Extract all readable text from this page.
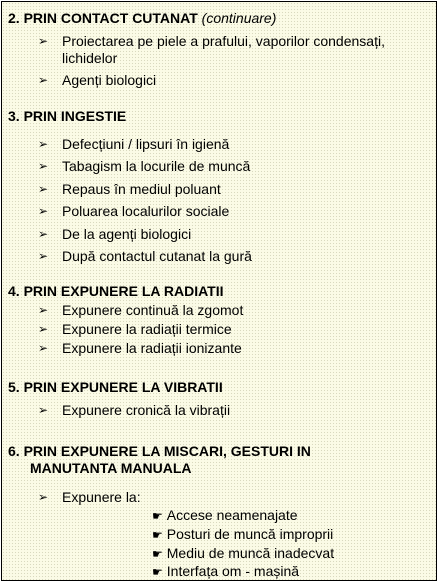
2. PRIN CONTACT CUTANAT (continuare)
➢ Proiectarea pe piele a prafului, vaporilor condensați, lichidelor
➢ Agenți biologici
3. PRIN INGESTIE
➢ Defecțiuni / lipsuri în igienă
➢ Tabagism la locurile de muncă
➢ Repaus în mediul poluant
➢ Poluarea localurilor sociale
➢ De la agenți biologici
➢ După contactul cutanat la gură
4. PRIN EXPUNERE LA RADIATII
➢ Expunere continuă la zgomot
➢ Expunere la radiații termice
➢ Expunere la radiații ionizante
5. PRIN EXPUNERE LA VIBRATII
➢ Expunere cronică la vibrații
6. PRIN EXPUNERE LA MISCARI, GESTURI IN
MANUTANTA MANUALA
➢ Expunere la:
☛ Accese neamenajate
☛ Posturi de muncă improprii
☛ Mediu de muncă inadecvat
☛ Interfața om - mașină
